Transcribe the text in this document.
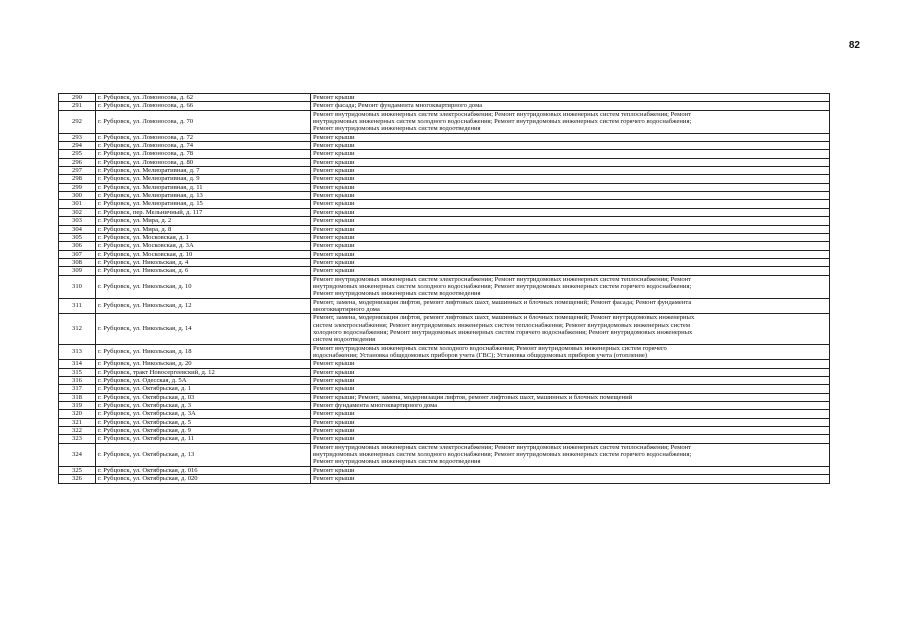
82
290	г. Рубцовск, ул. Ломоносова, д. 62	Ремонт крыши

291	г. Рубцовск, ул. Ломоносова, д. 66	Ремонт фасада; Ремонт фундамента многоквартирного дома

292	г. Рубцовск, ул. Ломоносова, д. 70	Ремонт внутридомовых инженерных систем электроснабжения; Ремонт внутридомовых инженерных систем теплоснабжения; Ремонт
внутридомовых инженерных систем холодного водоснабжения; Ремонт внутридомовых инженерных систем горячего водоснабжения;
Ремонт внутридомовых инженерных систем водоотведения

293	г. Рубцовск, ул. Ломоносова, д. 72	Ремонт крыши

294	г. Рубцовск, ул. Ломоносова, д. 74	Ремонт крыши

295	г. Рубцовск, ул. Ломоносова, д. 78	Ремонт крыши

296	г. Рубцовск, ул. Ломоносова, д. 80	Ремонт крыши

297	г. Рубцовск, ул. Мелиоративная, д. 7	Ремонт крыши

298	г. Рубцовск, ул. Мелиоративная, д. 9	Ремонт крыши

299	г. Рубцовск, ул. Мелиоративная, д. 11	Ремонт крыши

300	г. Рубцовск, ул. Мелиоративная, д. 13	Ремонт крыши

301	г. Рубцовск, ул. Мелиоративная, д. 15	Ремонт крыши

302	г. Рубцовск, пер. Мельничный, д. 117	Ремонт крыши

303	г. Рубцовск, ул. Мира, д. 2	Ремонт крыши

304	г. Рубцовск, ул. Мира, д. 8	Ремонт крыши

305	г. Рубцовск, ул. Московская, д. 1	Ремонт крыши

306	г. Рубцовск, ул. Московская, д. 3А	Ремонт крыши

307	г. Рубцовск, ул. Московская, д. 10	Ремонт крыши

308	г. Рубцовск, ул. Никольская, д. 4	Ремонт крыши

309	г. Рубцовск, ул. Никольская, д. 6	Ремонт крыши

310	г. Рубцовск, ул. Никольская, д. 10	Ремонт внутридомовых инженерных систем электроснабжения; Ремонт внутридомовых инженерных систем теплоснабжения; Ремонт
внутридомовых инженерных систем холодного водоснабжения; Ремонт внутридомовых инженерных систем горячего водоснабжения;
Ремонт внутридомовых инженерных систем водоотведения

311	г. Рубцовск, ул. Никольская, д. 12	Ремонт, замена, модернизация лифтов, ремонт лифтовых шахт, машинных и блочных помещений; Ремонт фасада; Ремонт фундамента
многоквартирного дома

312	г. Рубцовск, ул. Никольская, д. 14	Ремонт, замена, модернизация лифтов, ремонт лифтовых шахт, машинных и блочных помещений; Ремонт внутридомовых инженерных
систем электроснабжения; Ремонт внутридомовых инженерных систем теплоснабжения; Ремонт внутридомовых инженерных систем
холодного водоснабжения; Ремонт внутридомовых инженерных систем горячего водоснабжения; Ремонт внутридомовых инженерных
систем водоотведения

313	г. Рубцовск, ул. Никольская, д. 18	Ремонт внутридомовых инженерных систем холодного водоснабжения; Ремонт внутридомовых инженерных систем горячего
водоснабжения; Установка общедомовых приборов учета (ГВС); Установка общедомовых приборов учета (отопление)

314	г. Рубцовск, ул. Никольская, д. 20	Ремонт крыши

315	г. Рубцовск, тракт Новосергеевский, д. 12	Ремонт крыши

316	г. Рубцовск, ул. Одесская, д. 5А	Ремонт крыши

317	г. Рубцовск, ул. Октябрьская, д. 1	Ремонт крыши

318	г. Рубцовск, ул. Октябрьская, д. 03	Ремонт крыши; Ремонт, замена, модернизация лифтов, ремонт лифтовых шахт, машинных и блочных помещений

319	г. Рубцовск, ул. Октябрьская, д. 3	Ремонт фундамента многоквартирного дома

320	г. Рубцовск, ул. Октябрьская, д. 3А	Ремонт крыши

321	г. Рубцовск, ул. Октябрьская, д. 5	Ремонт крыши

322	г. Рубцовск, ул. Октябрьская, д. 9	Ремонт крыши

323	г. Рубцовск, ул. Октябрьская, д. 11	Ремонт крыши

324	г. Рубцовск, ул. Октябрьская, д. 13	Ремонт внутридомовых инженерных систем электроснабжения; Ремонт внутридомовых инженерных систем теплоснабжения; Ремонт
внутридомовых инженерных систем холодного водоснабжения; Ремонт внутридомовых инженерных систем горячего водоснабжения;
Ремонт внутридомовых инженерных систем водоотведения

325	г. Рубцовск, ул. Октябрьская, д. 016	Ремонт крыши

326	г. Рубцовск, ул. Октябрьская, д. 020	Ремонт крыши
